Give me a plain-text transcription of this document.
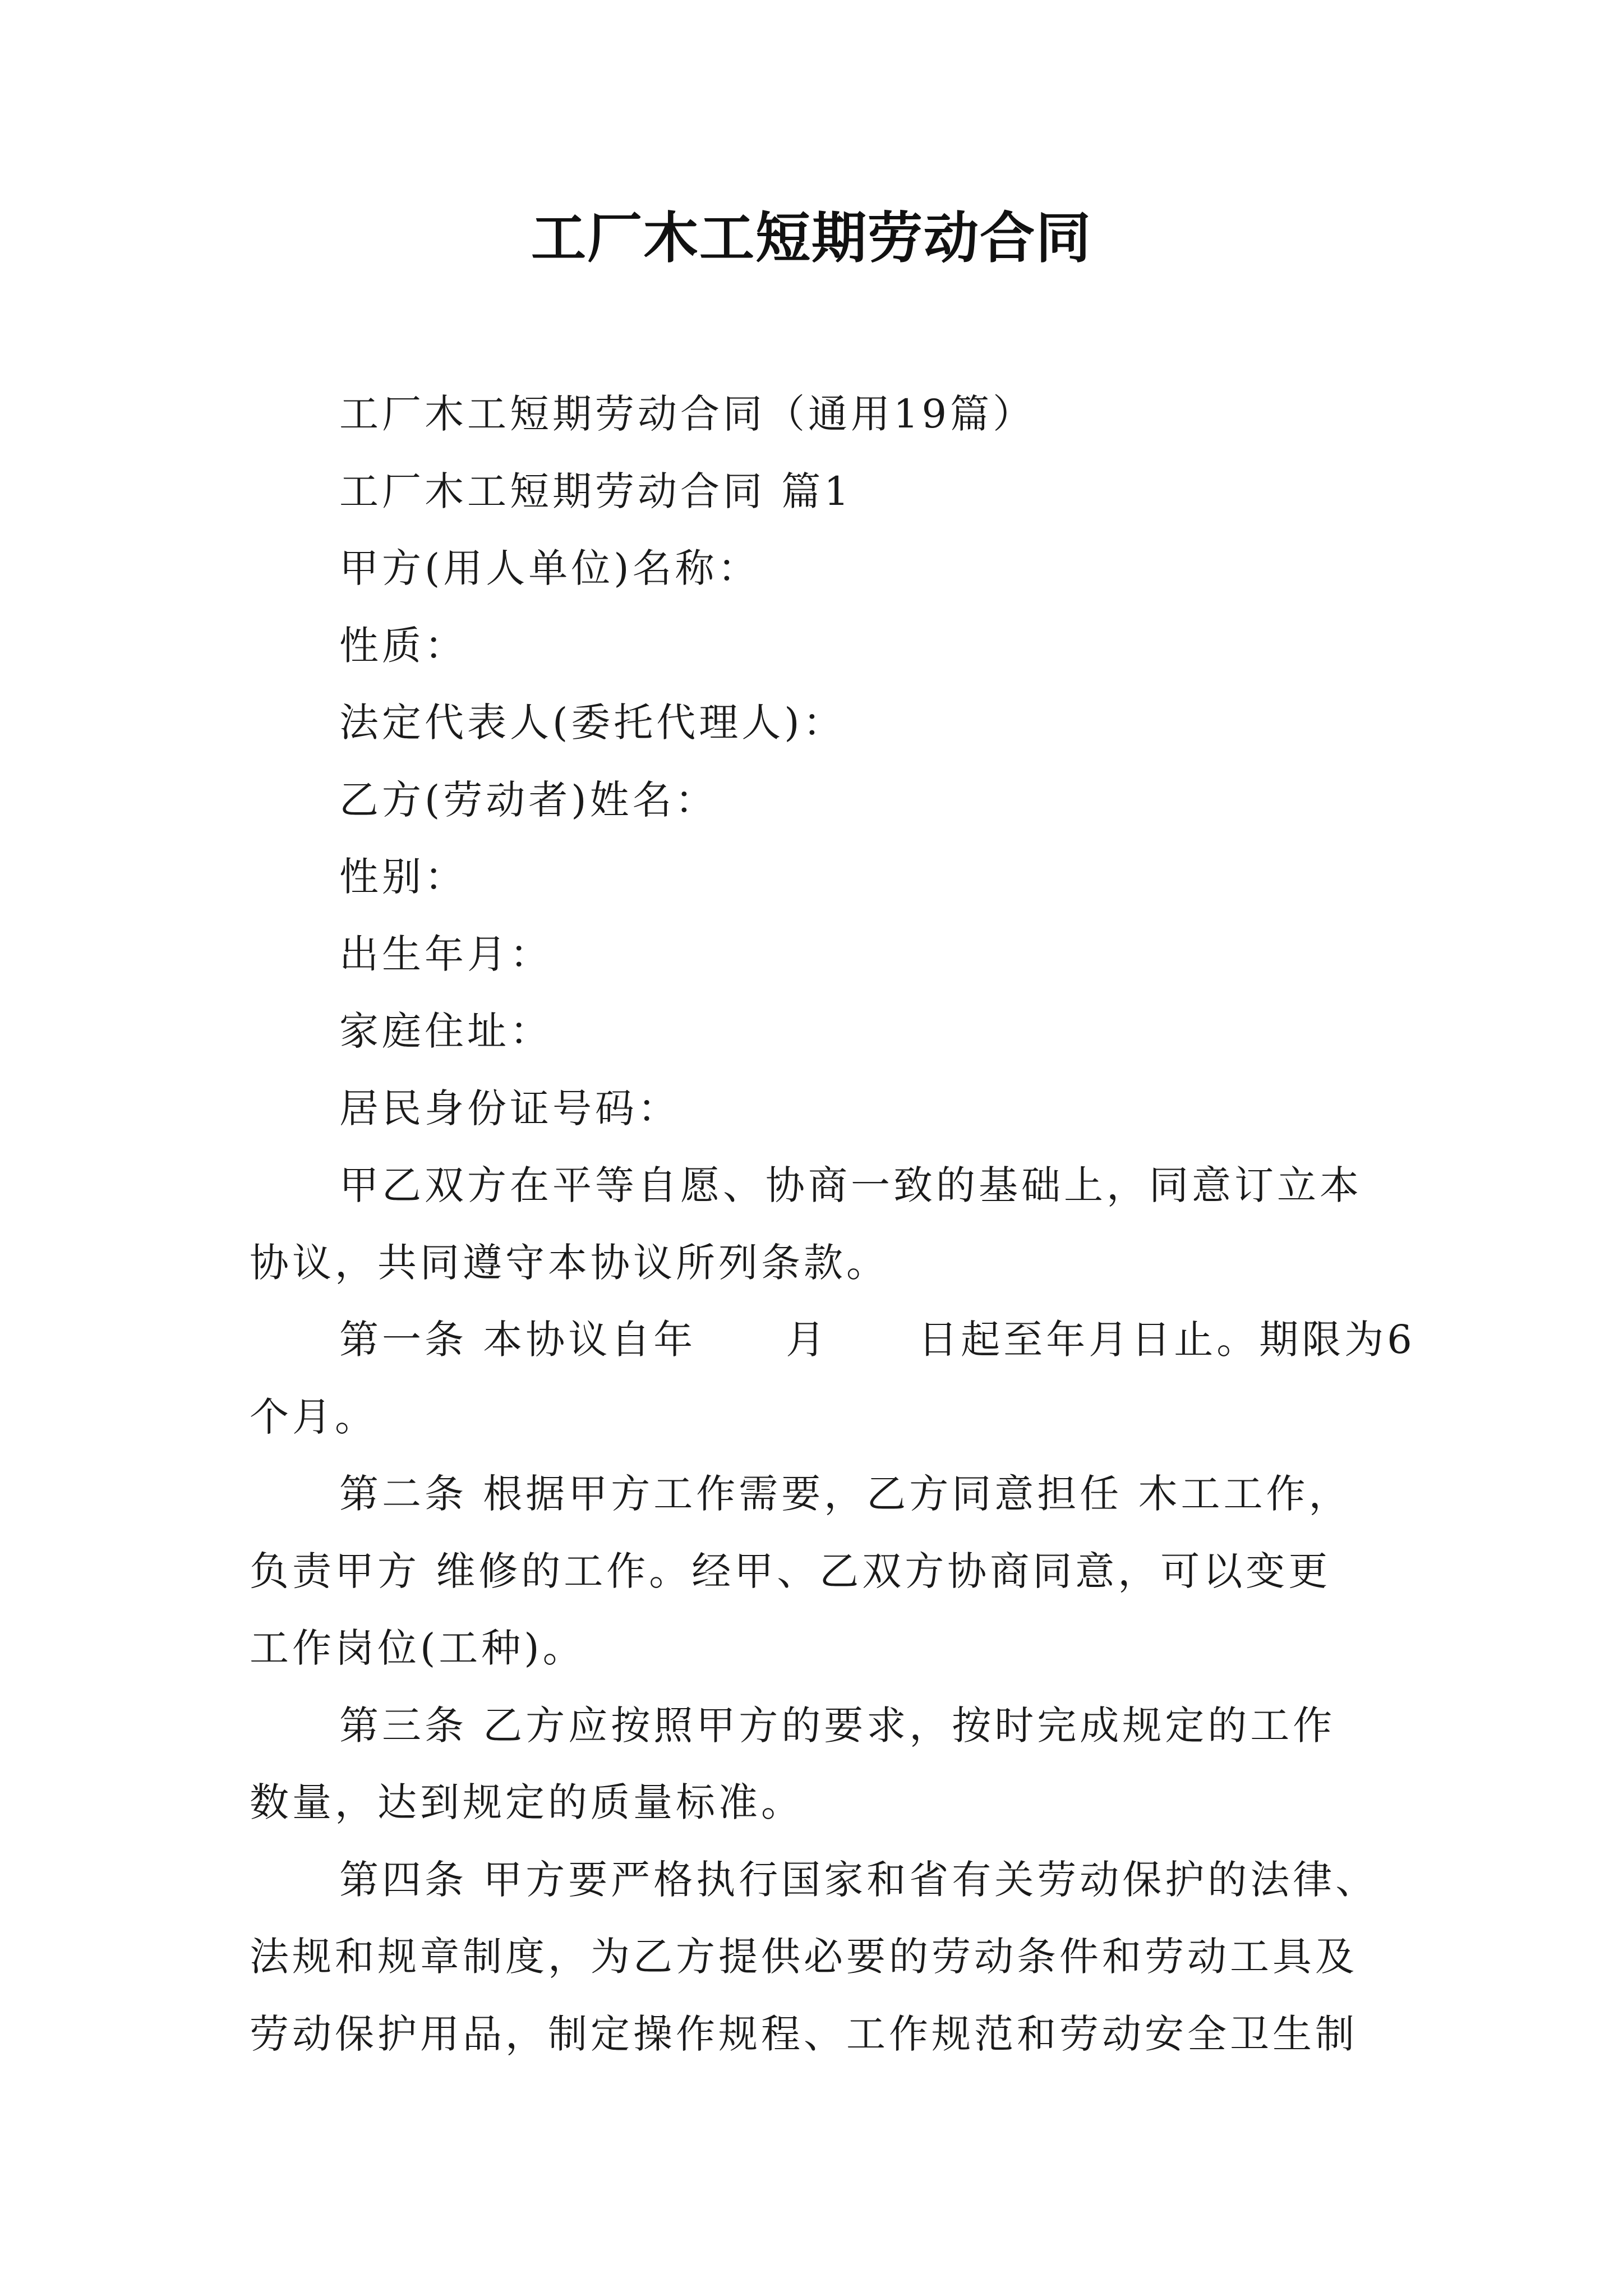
工厂木工短期劳动合同
工厂木工短期劳动合同（通用19篇）
工厂木工短期劳动合同 篇1
甲方(用人单位)名称：
性质：
法定代表人(委托代理人)：
乙方(劳动者)姓名：
性别：
出生年月：
家庭住址：
居民身份证号码：
甲乙双方在平等自愿、协商一致的基础上，同意订立本
协议，共同遵守本协议所列条款。
第一条 本协议自年 月 日起至年月日止。期限为6
个月。
第二条 根据甲方工作需要，乙方同意担任 木工工作，
负责甲方 维修的工作。经甲、乙双方协商同意，可以变更
工作岗位(工种)。
第三条 乙方应按照甲方的要求，按时完成规定的工作
数量，达到规定的质量标准。
第四条 甲方要严格执行国家和省有关劳动保护的法律、
法规和规章制度，为乙方提供必要的劳动条件和劳动工具及
劳动保护用品，制定操作规程、工作规范和劳动安全卫生制
